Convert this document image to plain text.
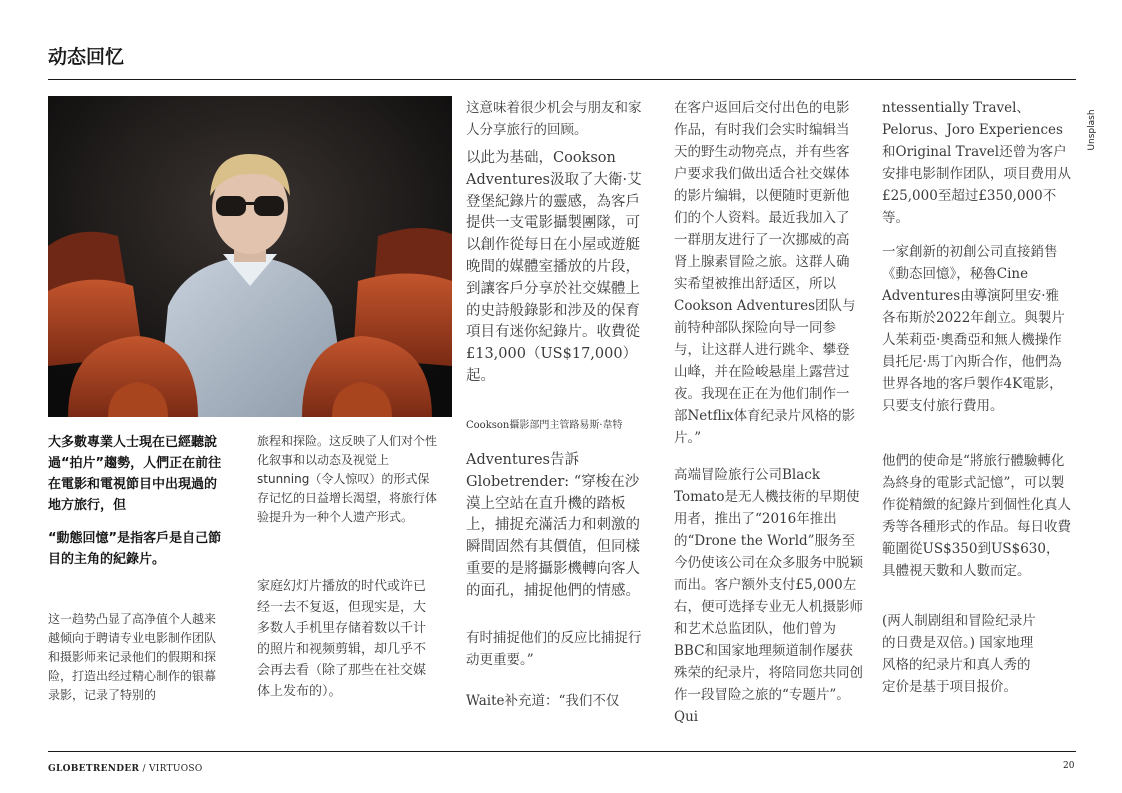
动态回忆
Unsplash

大多數專業人士現在已經聽說過“拍片”趨勢，人們正在前往在電影和電視節目中出現過的地方旅行，但

“動態回憶”是指客戶是自己節目的主角的紀錄片。

这一趋势凸显了高净值个人越来越倾向于聘请专业电影制作团队和摄影师来记录他们的假期和探险，打造出经过精心制作的银幕录影，记录了特别的

旅程和探险。这反映了人们对个性化叙事和以动态及视觉上 stunning（令人惊叹）的形式保存记忆的日益增长渴望，将旅行体验提升为一种个人遗产形式。

家庭幻灯片播放的时代或许已经一去不复返，但现实是，大多数人手机里存储着数以千计的照片和视频剪辑，却几乎不会再去看（除了那些在社交媒体上发布的）。

这意味着很少机会与朋友和家人分享旅行的回顾。

以此为基础，Cookson Adventures汲取了大衛·艾登堡紀錄片的靈感，為客戶提供一支電影攝製團隊，可以創作從每日在小屋或遊艇晚間的媒體室播放的片段，到讓客戶分享於社交媒體上的史詩般錄影和涉及的保育項目有迷你紀錄片。收費從£13,000（US$17,000）起。

Cookson攝影部門主管路易斯·韋特

Adventures告訴Globetrender: “穿梭在沙漠上空站在直升機的踏板上，捕捉充滿活力和刺激的瞬間固然有其價值，但同樣重要的是將攝影機轉向客人的面孔，捕捉他們的情感。

有时捕捉他们的反应比捕捉行动更重要。”

Waite补充道：“我们不仅

在客户返回后交付出色的电影作品，有时我们会实时编辑当天的野生动物亮点，并有些客户要求我们做出适合社交媒体的影片编辑，以便随时更新他们的个人资料。最近我加入了一群朋友进行了一次挪威的高肾上腺素冒险之旅。这群人确实希望被推出舒适区，所以Cookson Adventures团队与前特种部队探险向导一同参与，让这群人进行跳伞、攀登山峰，并在险峻悬崖上露营过夜。我现在正在为他们制作一部Netflix体育纪录片风格的影片。”

高端冒险旅行公司Black Tomato是无人機技術的早期使用者，推出了“2016年推出的“Drone the World”服务至今仍使该公司在众多服务中脱颖而出。客户额外支付£5,000左右，便可选择专业无人机摄影师和艺术总监团队，他们曾为BBC和国家地理频道制作屡获殊荣的纪录片，将陪同您共同创作一段冒险之旅的“专题片”。Qui

ntessentially Travel、Pelorus、Joro Experiences和Original Travel还曾为客户安排电影制作团队，项目费用从£25,000至超过£350,000不等。

一家創新的初創公司直接銷售《動态回憶》，秘魯Cine Adventures由導演阿里安·雅各布斯於2022年創立。與製片人茱莉亞·奧喬亞和無人機操作員托尼·馬丁內斯合作，他們為世界各地的客戶製作4K電影，只要支付旅行費用。

他們的使命是“將旅行體驗轉化為終身的電影式記憶”，可以製作從精緻的紀錄片到個性化真人秀等各種形式的作品。每日收費範圍從US$350到US$630，具體視天數和人數而定。

(两人制剧组和冒险纪录片的日费是双倍。) 国家地理风格的纪录片和真人秀的定价是基于项目报价。

GLOBETRENDER / VIRTUOSO	20
